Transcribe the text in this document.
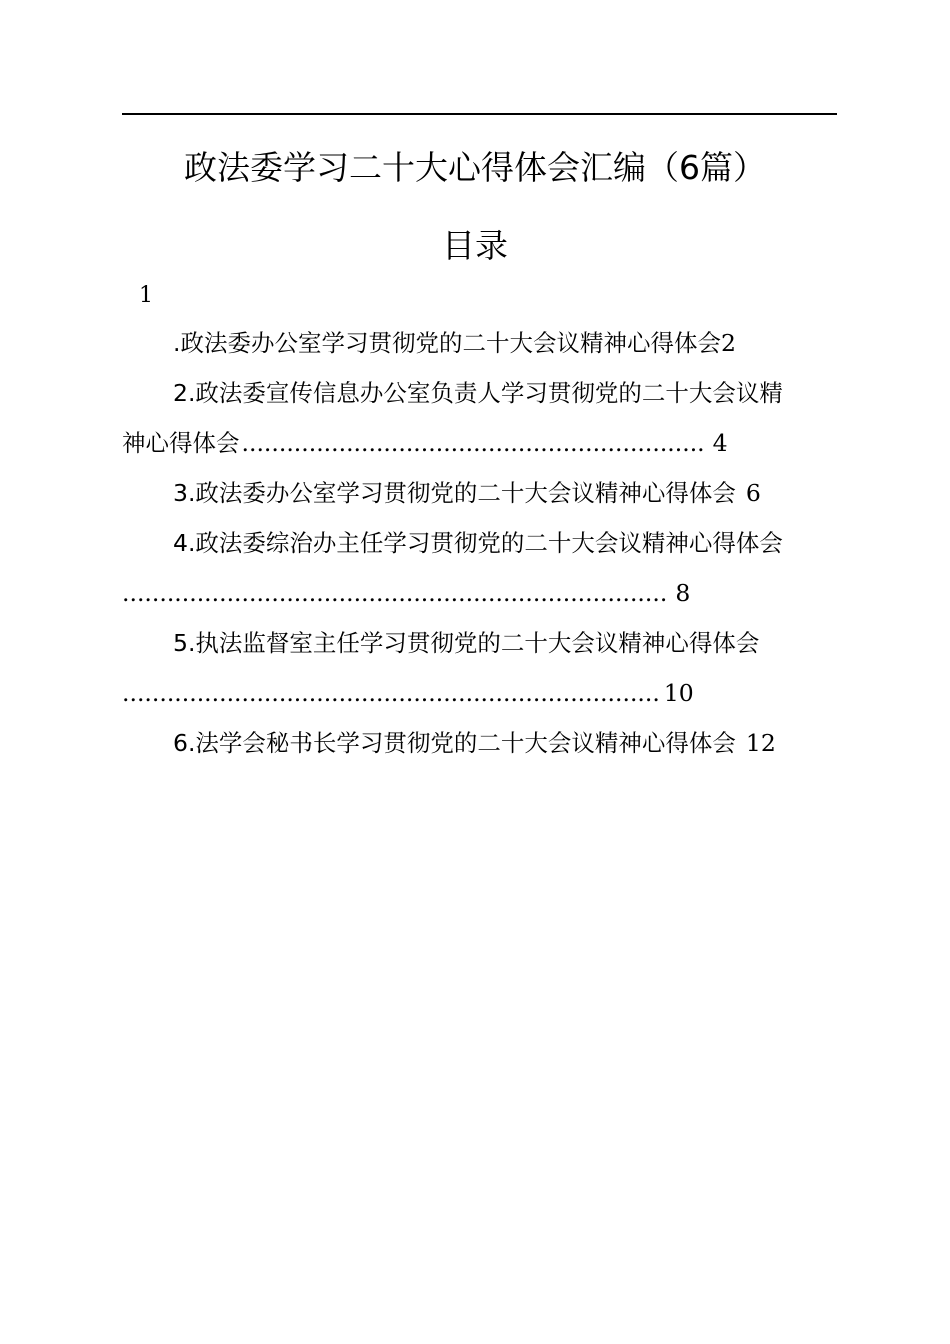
政法委学习二十大心得体会汇编（6篇）
目录
1
.政法委办公室学习贯彻党的二十大会议精神心得体会2
2.政法委宣传信息办公室负责人学习贯彻党的二十大会议精
神心得体会.............................................................. 4
3.政法委办公室学习贯彻党的二十大会议精神心得体会 6
4.政法委综治办主任学习贯彻党的二十大会议精神心得体会
......................................................................... 8
5.执法监督室主任学习贯彻党的二十大会议精神心得体会
........................................................................ 10
6.法学会秘书长学习贯彻党的二十大会议精神心得体会 12
